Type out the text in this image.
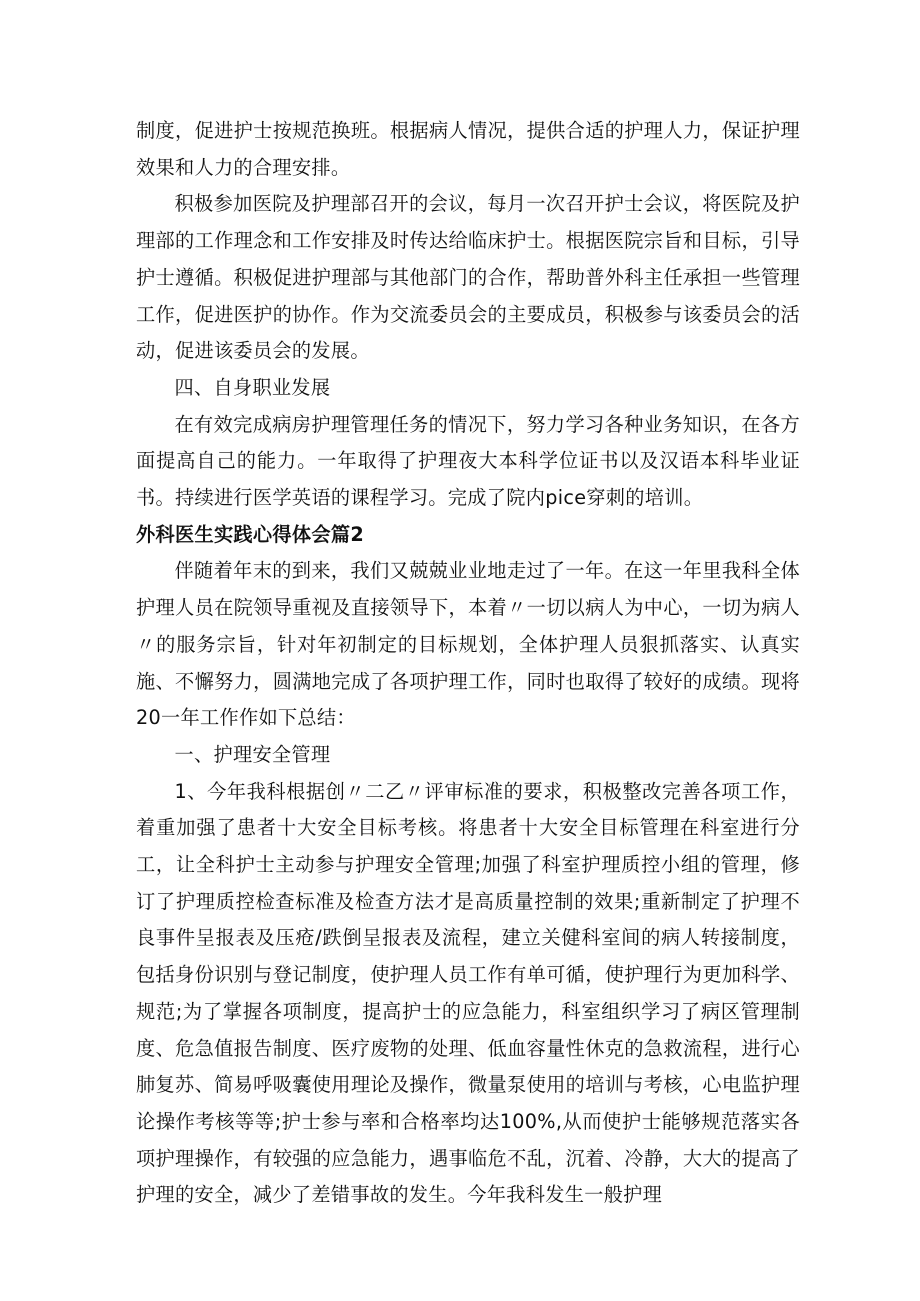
制度，促进护士按规范换班。根据病人情况，提供合适的护理人力，保证护理效果和人力的合理安排。

积极参加医院及护理部召开的会议，每月一次召开护士会议，将医院及护理部的工作理念和工作安排及时传达给临床护士。根据医院宗旨和目标，引导护士遵循。积极促进护理部与其他部门的合作，帮助普外科主任承担一些管理工作，促进医护的协作。作为交流委员会的主要成员，积极参与该委员会的活动，促进该委员会的发展。

四、自身职业发展

在有效完成病房护理管理任务的情况下，努力学习各种业务知识，在各方面提高自己的能力。一年取得了护理夜大本科学位证书以及汉语本科毕业证书。持续进行医学英语的课程学习。完成了院内pice穿刺的培训。

外科医生实践心得体会篇2

伴随着年末的到来，我们又兢兢业业地走过了一年。在这一年里我科全体护理人员在院领导重视及直接领导下，本着〃一切以病人为中心，一切为病人〃的服务宗旨，针对年初制定的目标规划，全体护理人员狠抓落实、认真实施、不懈努力，圆满地完成了各项护理工作，同时也取得了较好的成绩。现将20一年工作作如下总结：

一、护理安全管理

1、今年我科根据创〃二乙〃评审标准的要求，积极整改完善各项工作，着重加强了患者十大安全目标考核。将患者十大安全目标管理在科室进行分工，让全科护士主动参与护理安全管理;加强了科室护理质控小组的管理，修订了护理质控检查标准及检查方法才是高质量控制的效果;重新制定了护理不良事件呈报表及压疮/跌倒呈报表及流程，建立关健科室间的病人转接制度，包括身份识别与登记制度，使护理人员工作有单可循，使护理行为更加科学、规范;为了掌握各项制度，提高护士的应急能力，科室组织学习了病区管理制度、危急值报告制度、医疗废物的处理、低血容量性休克的急救流程，进行心肺复苏、简易呼吸囊使用理论及操作，微量泵使用的培训与考核，心电监护理论操作考核等等;护士参与率和合格率均达100%,从而使护士能够规范落实各项护理操作，有较强的应急能力，遇事临危不乱，沉着、冷静，大大的提高了护理的安全，减少了差错事故的发生。今年我科发生一般护理
